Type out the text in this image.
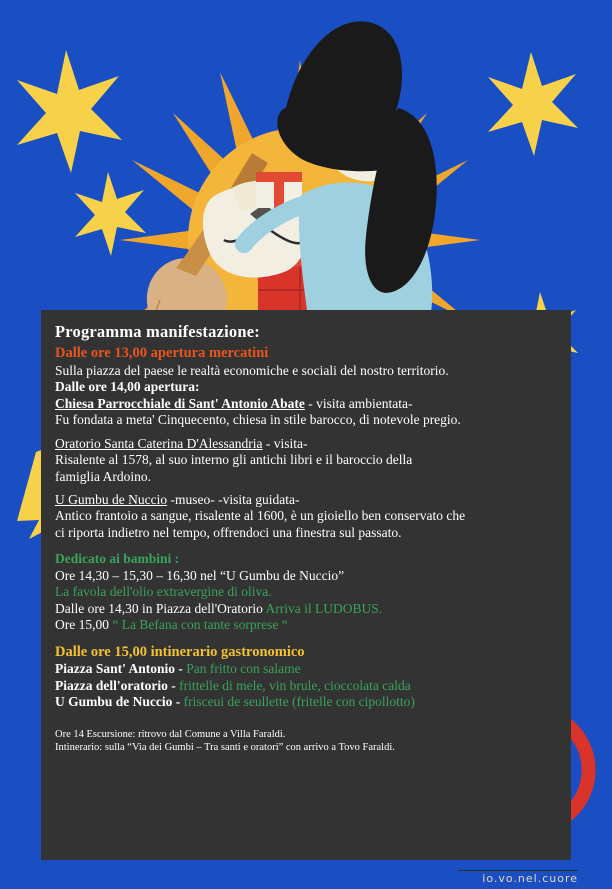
Programma manifestazione:

Dalle ore 13,00 apertura mercatini

Sulla piazza del paese le realtà economiche e sociali del nostro territorio.

Dalle ore 14,00 apertura:

Chiesa Parrocchiale di Sant' Antonio Abate - visita ambientata-

Fu fondata a meta' Cinquecento, chiesa in stile barocco, di notevole pregio.

Oratorio Santa Caterina D'Alessandria - visita-

Risalente al 1578, al suo interno gli antichi libri e il baroccio della

famiglia Ardoino.

U Gumbu de Nuccio -museo- -visita guidata-

Antico frantoio a sangue, risalente al 1600, è un gioiello ben conservato che

ci riporta indietro nel tempo, offrendoci una finestra sul passato.

Dedicato ai bambini :

Ore 14,30 – 15,30 – 16,30 nel “U Gumbu de Nuccio”

La favola dell'olio extravergine di oliva.

Dalle ore 14,30 in Piazza dell'Oratorio Arriva il LUDOBUS.

Ore 15,00 “ La Befana con tante sorprese “

Dalle ore 15,00 intinerario gastronomico

Piazza Sant' Antonio - Pan fritto con salame

Piazza dell'oratorio - frittelle di mele, vin brule, cioccolata calda

U Gumbu de Nuccio - frisceui de seullette (fritelle con cipollotto)

Ore 14 Escursione: ritrovo dal Comune a Villa Faraldi.

Intinerario: sulla “Via dei Gumbi – Tra santi e oratori” con arrivo a Tovo Faraldi.

io.vo.nel.cuore
